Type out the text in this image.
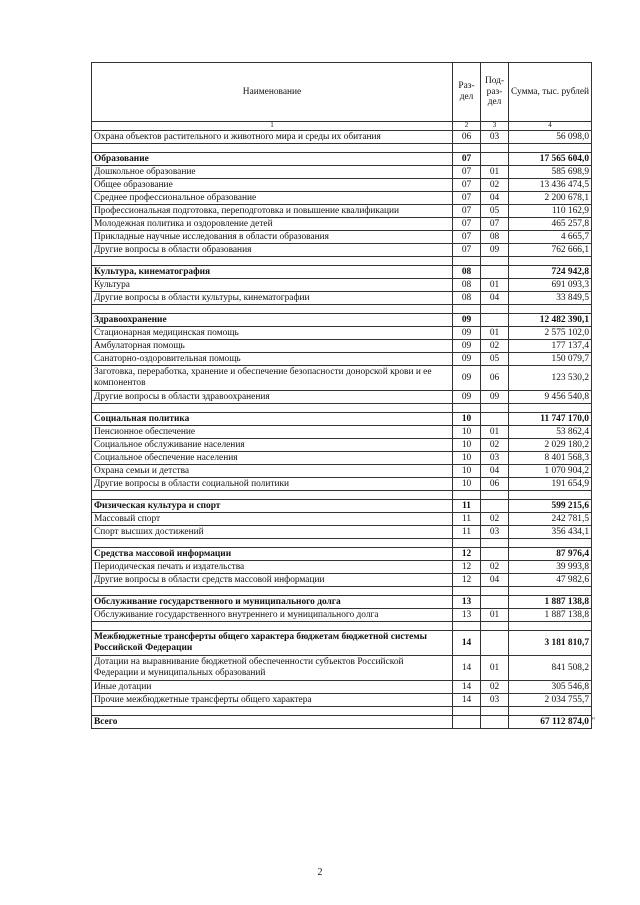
Наименование	Раз-дел	Под-раз-дел	Сумма, тыс. рублей
1	2	3	4
Охрана объектов растительного и животного мира и среды их обитания	06	03	56 098,0

Образование	07		17 565 604,0
Дошкольное образование	07	01	585 698,9
Общее образование	07	02	13 436 474,5
Среднее профессиональное образование	07	04	2 200 678,1
Профессиональная подготовка, переподготовка и повышение квалификации	07	05	110 162,9
Молодежная политика и оздоровление детей	07	07	465 257,8
Прикладные научные исследования в области образования	07	08	4 665,7
Другие вопросы в области образования	07	09	762 666,1

Культура, кинематография	08		724 942,8
Культура	08	01	691 093,3
Другие вопросы в области культуры, кинематографии	08	04	33 849,5

Здравоохранение	09		12 482 390,1
Стационарная медицинская помощь	09	01	2 575 102,0
Амбулаторная помощь	09	02	177 137,4
Санаторно-оздоровительная помощь	09	05	150 079,7
Заготовка, переработка, хранение и обеспечение безопасности донорской крови и ее компонентов	09	06	123 530,2
Другие вопросы в области здравоохранения	09	09	9 456 540,8

Социальная политика	10		11 747 170,0
Пенсионное обеспечение	10	01	53 862,4
Социальное обслуживание населения	10	02	2 029 180,2
Социальное обеспечение населения	10	03	8 401 568,3
Охрана семьи и детства	10	04	1 070 904,2
Другие вопросы в области социальной политики	10	06	191 654,9

Физическая культура и спорт	11		599 215,6
Массовый спорт	11	02	242 781,5
Спорт высших достижений	11	03	356 434,1

Средства массовой информации	12		87 976,4
Периодическая печать и издательства	12	02	39 993,8
Другие вопросы в области средств массовой информации	12	04	47 982,6

Обслуживание государственного и муниципального долга	13		1 887 138,8
Обслуживание государственного внутреннего и муниципального долга	13	01	1 887 138,8

Межбюджетные трансферты общего характера бюджетам бюджетной системы Российской Федерации	14		3 181 810,7
Дотации на выравнивание бюджетной обеспеченности субъектов Российской Федерации и муниципальных образований	14	01	841 508,2
Иные дотации	14	02	305 546,8
Прочие межбюджетные трансферты общего характера	14	03	2 034 755,7

Всего			67 112 874,0 "
2
